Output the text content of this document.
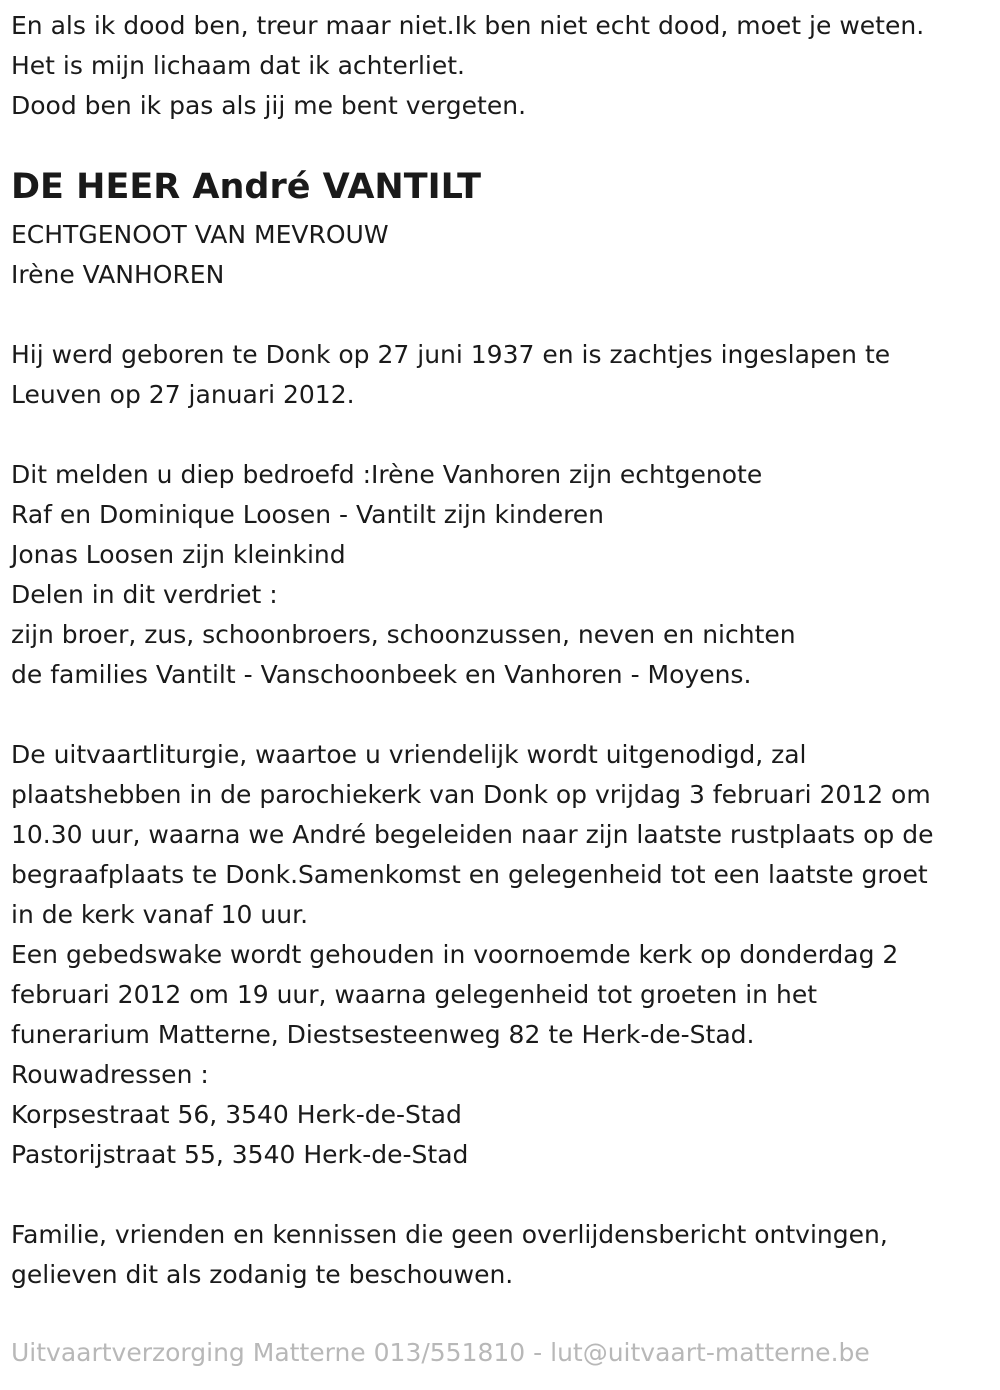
En als ik dood ben, treur maar niet.Ik ben niet echt dood, moet je weten.
Het is mijn lichaam dat ik achterliet.
Dood ben ik pas als jij me bent vergeten.
DE HEER André VANTILT
ECHTGENOOT VAN MEVROUW
Irène VANHOREN
Hij werd geboren te Donk op 27 juni 1937 en is zachtjes ingeslapen te
Leuven op 27 januari 2012.
Dit melden u diep bedroefd :Irène Vanhoren zijn echtgenote
Raf en Dominique Loosen - Vantilt zijn kinderen
Jonas Loosen zijn kleinkind
Delen in dit verdriet :
zijn broer, zus, schoonbroers, schoonzussen, neven en nichten
de families Vantilt - Vanschoonbeek en Vanhoren - Moyens.
De uitvaartliturgie, waartoe u vriendelijk wordt uitgenodigd, zal
plaatshebben in de parochiekerk van Donk op vrijdag 3 februari 2012 om
10.30 uur, waarna we André begeleiden naar zijn laatste rustplaats op de
begraafplaats te Donk.Samenkomst en gelegenheid tot een laatste groet
in de kerk vanaf 10 uur.
Een gebedswake wordt gehouden in voornoemde kerk op donderdag 2
februari 2012 om 19 uur, waarna gelegenheid tot groeten in het
funerarium Matterne, Diestsesteenweg 82 te Herk-de-Stad.
Rouwadressen :
Korpsestraat 56, 3540 Herk-de-Stad
Pastorijstraat 55, 3540 Herk-de-Stad
Familie, vrienden en kennissen die geen overlijdensbericht ontvingen,
gelieven dit als zodanig te beschouwen.
Uitvaartverzorging Matterne 013/551810 - lut@uitvaart-matterne.be
